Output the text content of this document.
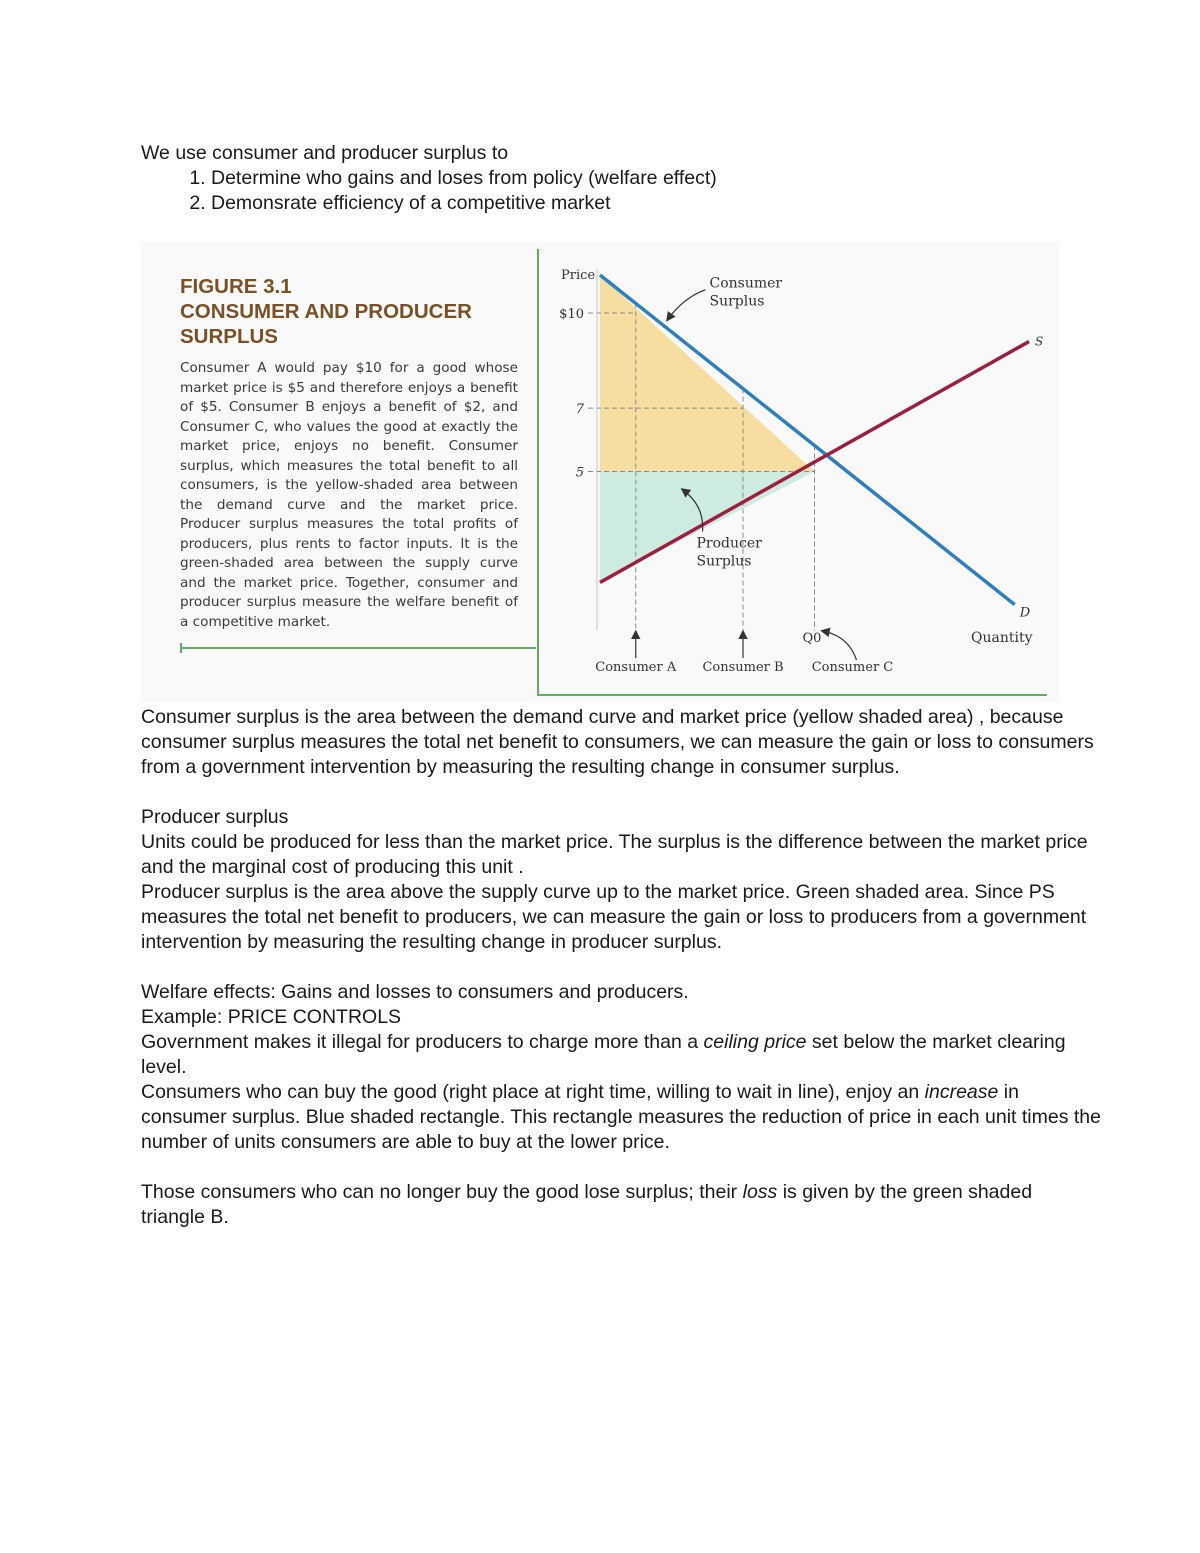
We use consumer and producer surplus to
1. Determine who gains and loses from policy (welfare effect)
2. Demonsrate efficiency of a competitive market
FIGURE 3.1
CONSUMER AND PRODUCER SURPLUS
Consumer A would pay $10 for a good whose market price is $5 and therefore enjoys a benefit of $5. Consumer B enjoys a benefit of $2, and Consumer C, who values the good at exactly the market price, enjoys no benefit. Consumer surplus, which measures the total benefit to all consumers, is the yellow-shaded area between the demand curve and the market price. Producer surplus measures the total profits of producers, plus rents to factor inputs. It is the green-shaded area between the supply curve and the market price. Together, consumer and producer surplus measure the welfare benefit of a competitive market.
Price
Quantity
$10
7
5
D
S
Consumer Surplus
Producer Surplus
Q0
Consumer A Consumer B Consumer C

Consumer surplus is the area between the demand curve and market price (yellow shaded area) , because consumer surplus measures the total net benefit to consumers, we can measure the gain or loss to consumers from a government intervention by measuring the resulting change in consumer surplus.

Producer surplus

Units could be produced for less than the market price. The surplus is the difference between the market price and the marginal cost of producing this unit .

Producer surplus is the area above the supply curve up to the market price. Green shaded area. Since PS measures the total net benefit to producers, we can measure the gain or loss to producers from a government intervention by measuring the resulting change in producer surplus.

Welfare effects: Gains and losses to consumers and producers.

Example: PRICE CONTROLS

Government makes it illegal for producers to charge more than a ceiling price set below the market clearing level.

Consumers who can buy the good (right place at right time, willing to wait in line), enjoy an increase in consumer surplus. Blue shaded rectangle. This rectangle measures the reduction of price in each unit times the number of units consumers are able to buy at the lower price.

Those consumers who can no longer buy the good lose surplus; their loss is given by the green shaded triangle B.
